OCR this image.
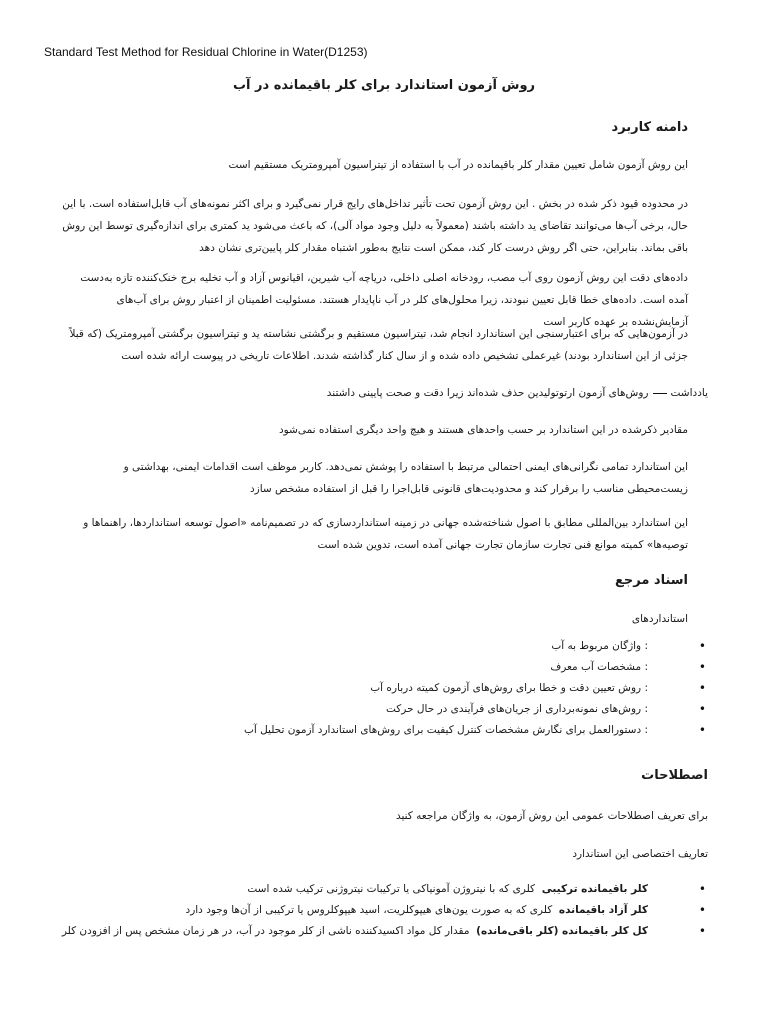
Standard Test Method for Residual Chlorine in Water(D1253)
روش آزمون استاندارد برای کلر باقیمانده در آب
دامنه کاربرد

این روش آزمون شامل تعیین مقدار کلر باقیمانده در آب با استفاده از تیتراسیون آمپرومتریک مستقیم است

در محدوده قیود ذکر شده در بخش . این روش آزمون تحت تأثیر تداخل‌های رایج قرار نمی‌گیرد و برای اکثر نمونه‌های آب قابل‌استفاده است. با این حال، برخی آب‌ها می‌توانند تقاضای ید داشته باشند (معمولاً به دلیل وجود مواد آلی)، که باعث می‌شود ید کمتری برای اندازه‌گیری توسط این روش باقی بماند. بنابراین، حتی اگر روش درست کار کند، ممکن است نتایج به‌طور اشتباه مقدار کلر پایین‌تری نشان دهد

داده‌های دقت این روش آزمون روی آب مصب، رودخانه اصلی داخلی، دریاچه آب شیرین، اقیانوس آزاد و آب تخلیه برج خنک‌کننده تازه به‌دست آمده است. داده‌های خطا قابل تعیین نبودند، زیرا محلول‌های کلر در آب ناپایدار هستند. مسئولیت اطمینان از اعتبار روش برای آب‌های آزمایش‌نشده بر عهده کاربر است

در آزمون‌هایی که برای اعتبارسنجی این استاندارد انجام شد، تیتراسیون مستقیم و برگشتی نشاسته ید و تیتراسیون برگشتی آمپرومتریک (که قبلاً جزئی از این استاندارد بودند) غیرعملی تشخیص داده شده و از سال کنار گذاشته شدند. اطلاعات تاریخی در پیوست ارائه شده است

یادداشتروش‌های آزمون ارتوتولیدین حذف شده‌اند زیرا دقت و صحت پایینی داشتند

مقادیر ذکرشده در این استاندارد بر حسب واحدهای هستند و هیچ واحد دیگری استفاده نمی‌شود

این استاندارد تمامی نگرانی‌های ایمنی احتمالی مرتبط با استفاده را پوشش نمی‌دهد. کاربر موظف است اقدامات ایمنی، بهداشتی و زیست‌محیطی مناسب را برقرار کند و محدودیت‌های قانونی قابل‌اجرا را قبل از استفاده مشخص سازد

این استاندارد بین‌المللی مطابق با اصول شناخته‌شده جهانی در زمینه استانداردسازی که در تصمیم‌نامه «اصول توسعه استانداردها، راهنماها و توصیه‌ها» کمیته موانع فنی تجارت سازمان تجارت جهانی آمده است، تدوین شده است

اسناد مرجع

استانداردهای

• : واژگان مربوط به آب
• : مشخصات آب معرف
• : روش تعیین دقت و خطا برای روش‌های آزمون کمیته درباره آب
• : روش‌های نمونه‌برداری از جریان‌های فرآیندی در حال حرکت
• : دستورالعمل برای نگارش مشخصات کنترل کیفیت برای روش‌های استاندارد آزمون تحلیل آب
اصطلاحات

برای تعریف اصطلاحات عمومی این روش آزمون، به واژگان مراجعه کنید

تعاریف اختصاصی این استاندارد

• کلر باقیمانده ترکیبی  کلری که با نیتروژن آمونیاکی یا ترکیبات نیتروژنی ترکیب شده است
• کلر آزاد باقیمانده  کلری که به صورت یون‌های هیپوکلریت، اسید هیپوکلروس یا ترکیبی از آن‌ها وجود دارد
• کل کلر باقیمانده (کلر باقی‌مانده)  مقدار کل مواد اکسیدکننده ناشی از کلر موجود در آب، در هر زمان مشخص پس از افزودن کلر
